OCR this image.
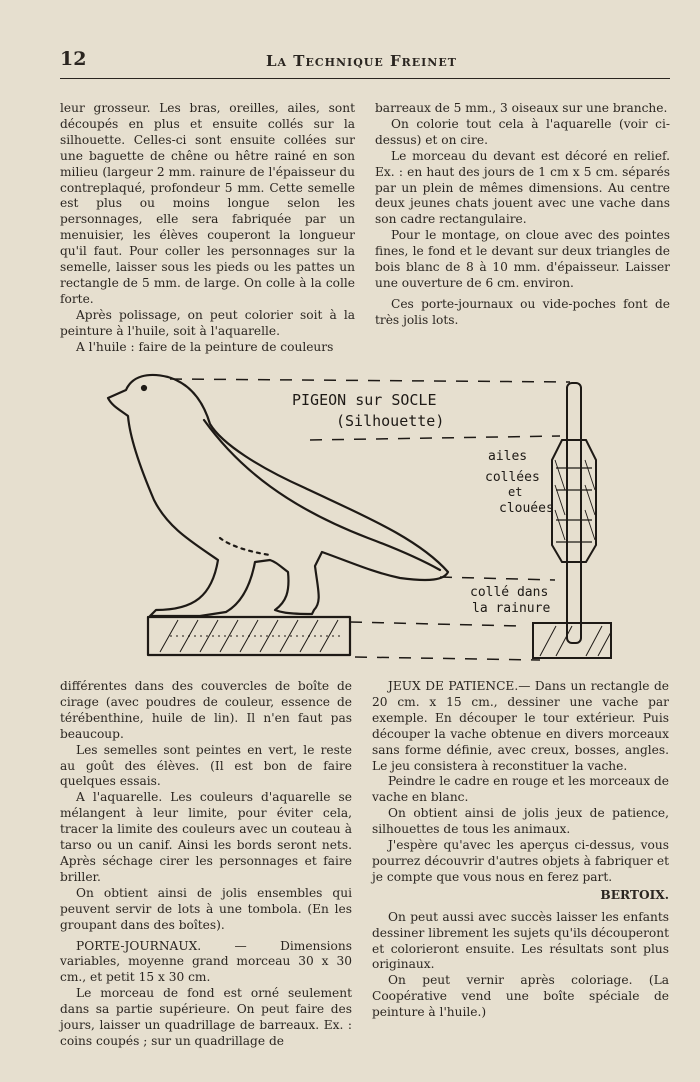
12	La Technique Freinet

leur grosseur. Les bras, oreilles, ailes, sont découpés en plus et ensuite collés sur la silhouette. Celles-ci sont ensuite collées sur une baguette de chêne ou hêtre rainé en son milieu (largeur 2 mm. rainure de l'épaisseur du contreplaqué, profondeur 5 mm. Cette semelle est plus ou moins longue selon les personnages, elle sera fabriquée par un menuisier, les élèves couperont la longueur qu'il faut. Pour coller les personnages sur la semelle, laisser sous les pieds ou les pattes un rectangle de 5 mm. de large. On colle à la colle forte.

Après polissage, on peut colorier soit à la peinture à l'huile, soit à l'aquarelle.

A l'huile : faire de la peinture de couleurs

barreaux de 5 mm., 3 oiseaux sur une branche.

On colorie tout cela à l'aquarelle (voir ci-dessus) et on cire.

Le morceau du devant est décoré en relief. Ex. : en haut des jours de 1 cm x 5 cm. séparés par un plein de mêmes dimensions. Au centre deux jeunes chats jouent avec une vache dans son cadre rectangulaire.

Pour le montage, on cloue avec des pointes fines, le fond et le devant sur deux triangles de bois blanc de 8 à 10 mm. d'épaisseur. Laisser une ouverture de 6 cm. environ.

Ces porte-journaux ou vide-poches font de très jolis lots.

PIGEON sur SOCLE
(Silhouette)
ailes
collées
et
clouées
collé dans
la rainure

différentes dans des couvercles de boîte de cirage (avec poudres de couleur, essence de térébenthine, huile de lin). Il n'en faut pas beaucoup.

Les semelles sont peintes en vert, le reste au goût des élèves. (Il est bon de faire quelques essais.

A l'aquarelle. Les couleurs d'aquarelle se mélangent à leur limite, pour éviter cela, tracer la limite des couleurs avec un couteau à tarso ou un canif. Ainsi les bords seront nets. Après séchage cirer les personnages et faire briller.

On obtient ainsi de jolis ensembles qui peuvent servir de lots à une tombola. (En les groupant dans des boîtes).

PORTE-JOURNAUX. — Dimensions variables, moyenne grand morceau 30 x 30 cm., et petit 15 x 30 cm.

Le morceau de fond est orné seulement dans sa partie supérieure. On peut faire des jours, laisser un quadrillage de barreaux. Ex. : coins coupés ; sur un quadrillage de

JEUX DE PATIENCE.— Dans un rectangle de 20 cm. x 15 cm., dessiner une vache par exemple. En découper le tour extérieur. Puis découper la vache obtenue en divers morceaux sans forme définie, avec creux, bosses, angles. Le jeu consistera à reconstituer la vache.

Peindre le cadre en rouge et les morceaux de vache en blanc.

On obtient ainsi de jolis jeux de patience, silhouettes de tous les animaux.

J'espère qu'avec les aperçus ci-dessus, vous pourrez découvrir d'autres objets à fabriquer et je compte que vous nous en ferez part.

BERTOIX.

On peut aussi avec succès laisser les enfants dessiner librement les sujets qu'ils découperont et colorieront ensuite. Les résultats sont plus originaux.

On peut vernir après coloriage. (La Coopérative vend une boîte spéciale de peinture à l'huile.)
